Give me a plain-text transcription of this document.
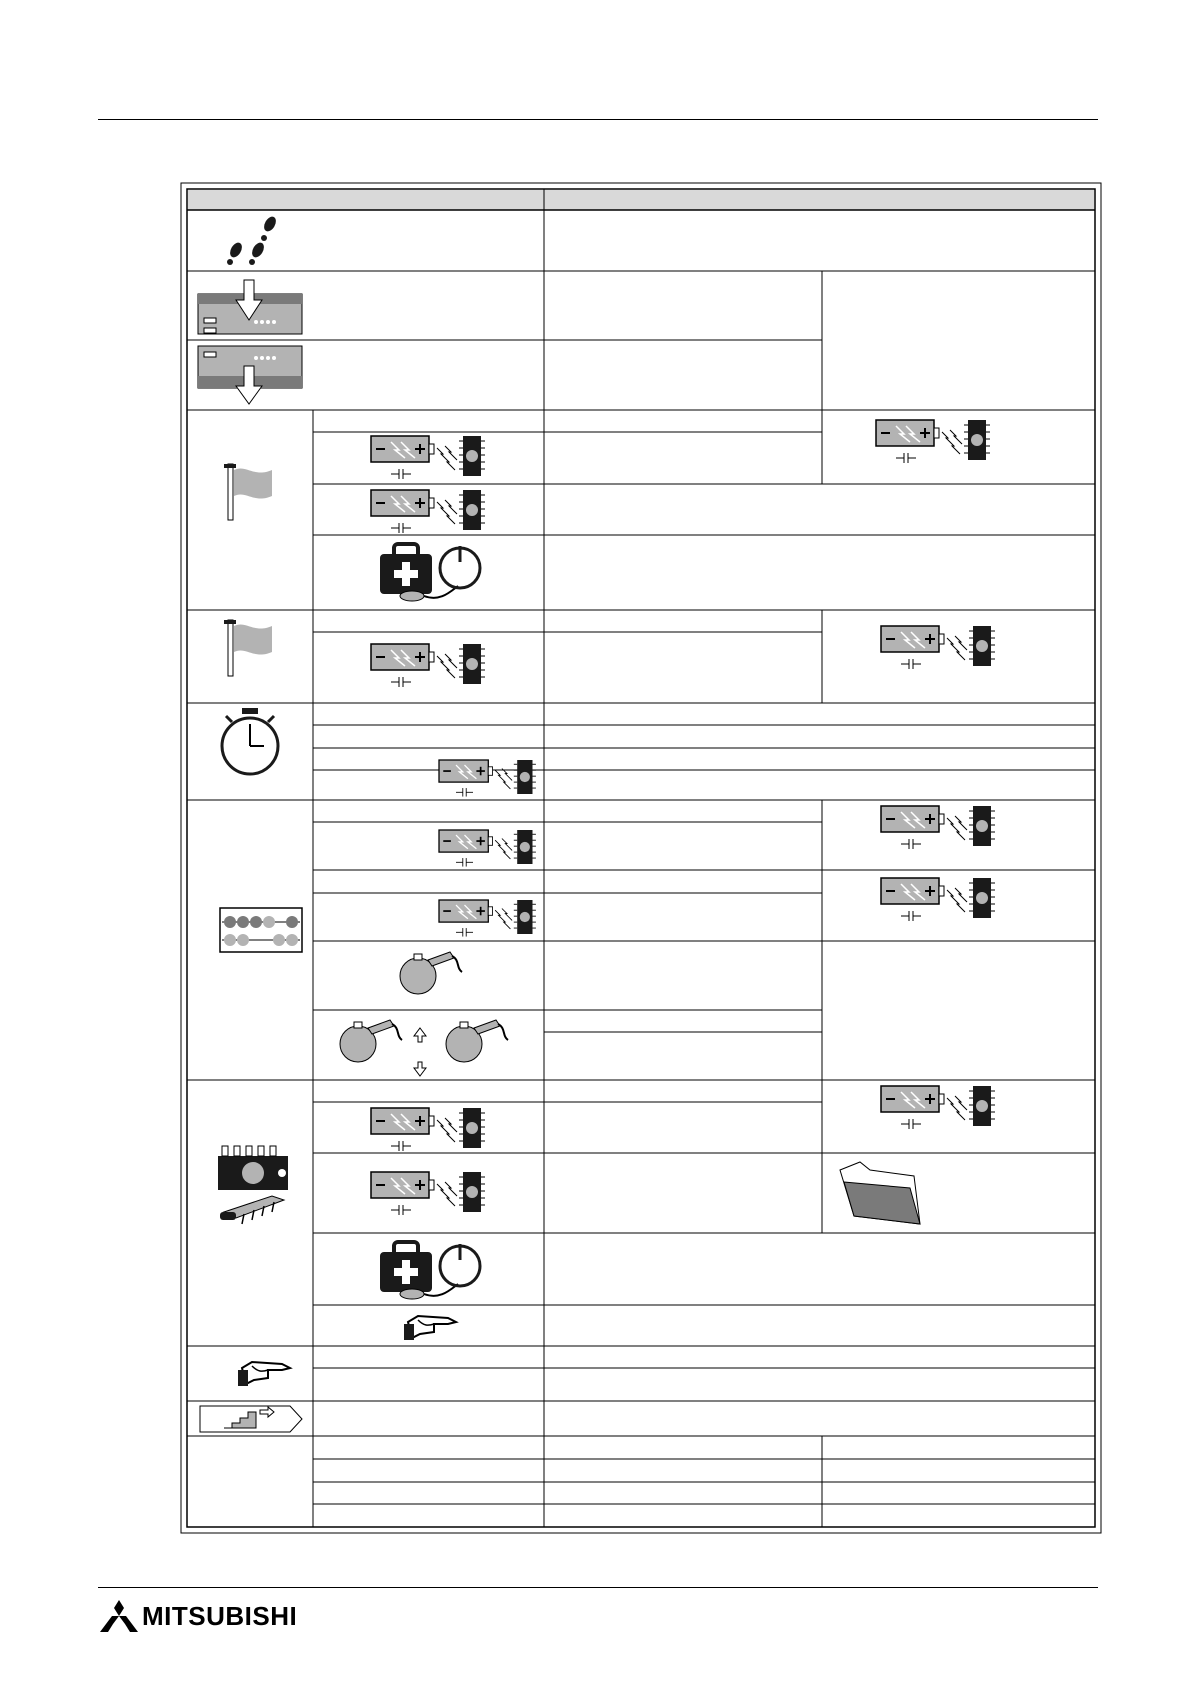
MITSUBISHI
